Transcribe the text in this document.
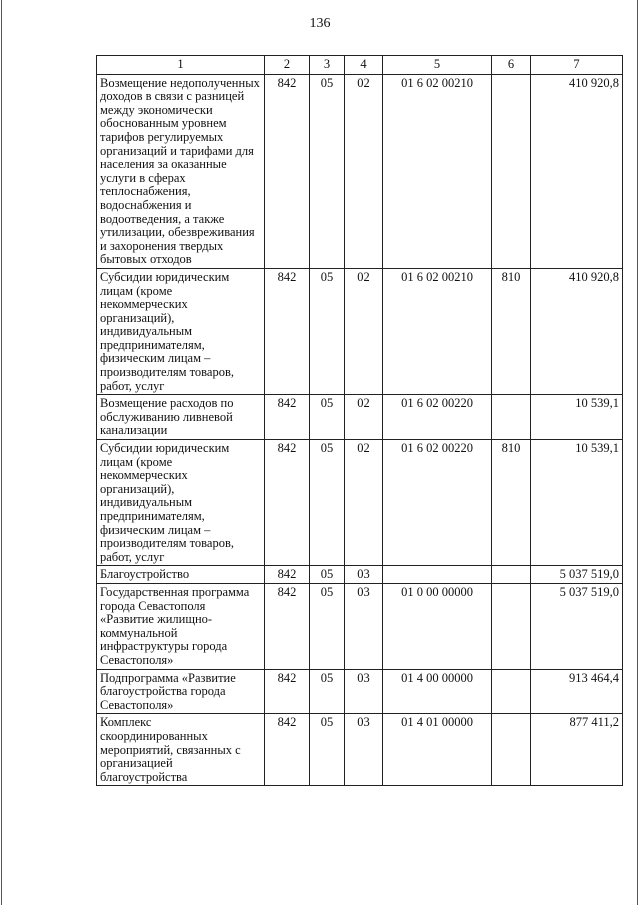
136
1	2	3	4	5	6	7
Возмещение недополученных доходов в связи с разницей между экономически обоснованным уровнем тарифов регулируемых организаций и тарифами для населения за оказанные услуги в сферах теплоснабжения, водоснабжения и водоотведения, а также утилизации, обезвреживания и захоронения твердых бытовых отходов	842	05	02	01 6 02 00210		410 920,8
Субсидии юридическим лицам (кроме некоммерческих организаций), индивидуальным предпринимателям, физическим лицам – производителям товаров, работ, услуг	842	05	02	01 6 02 00210	810	410 920,8
Возмещение расходов по обслуживанию ливневой канализации	842	05	02	01 6 02 00220		10 539,1
Субсидии юридическим лицам (кроме некоммерческих организаций), индивидуальным предпринимателям, физическим лицам – производителям товаров, работ, услуг	842	05	02	01 6 02 00220	810	10 539,1
Благоустройство	842	05	03			5 037 519,0
Государственная программа города Севастополя «Развитие жилищно-коммунальной инфраструктуры города Севастополя»	842	05	03	01 0 00 00000		5 037 519,0
Подпрограмма «Развитие благоустройства города Севастополя»	842	05	03	01 4 00 00000		913 464,4
Комплекс скоординированных мероприятий, связанных с организацией благоустройства	842	05	03	01 4 01 00000		877 411,2
